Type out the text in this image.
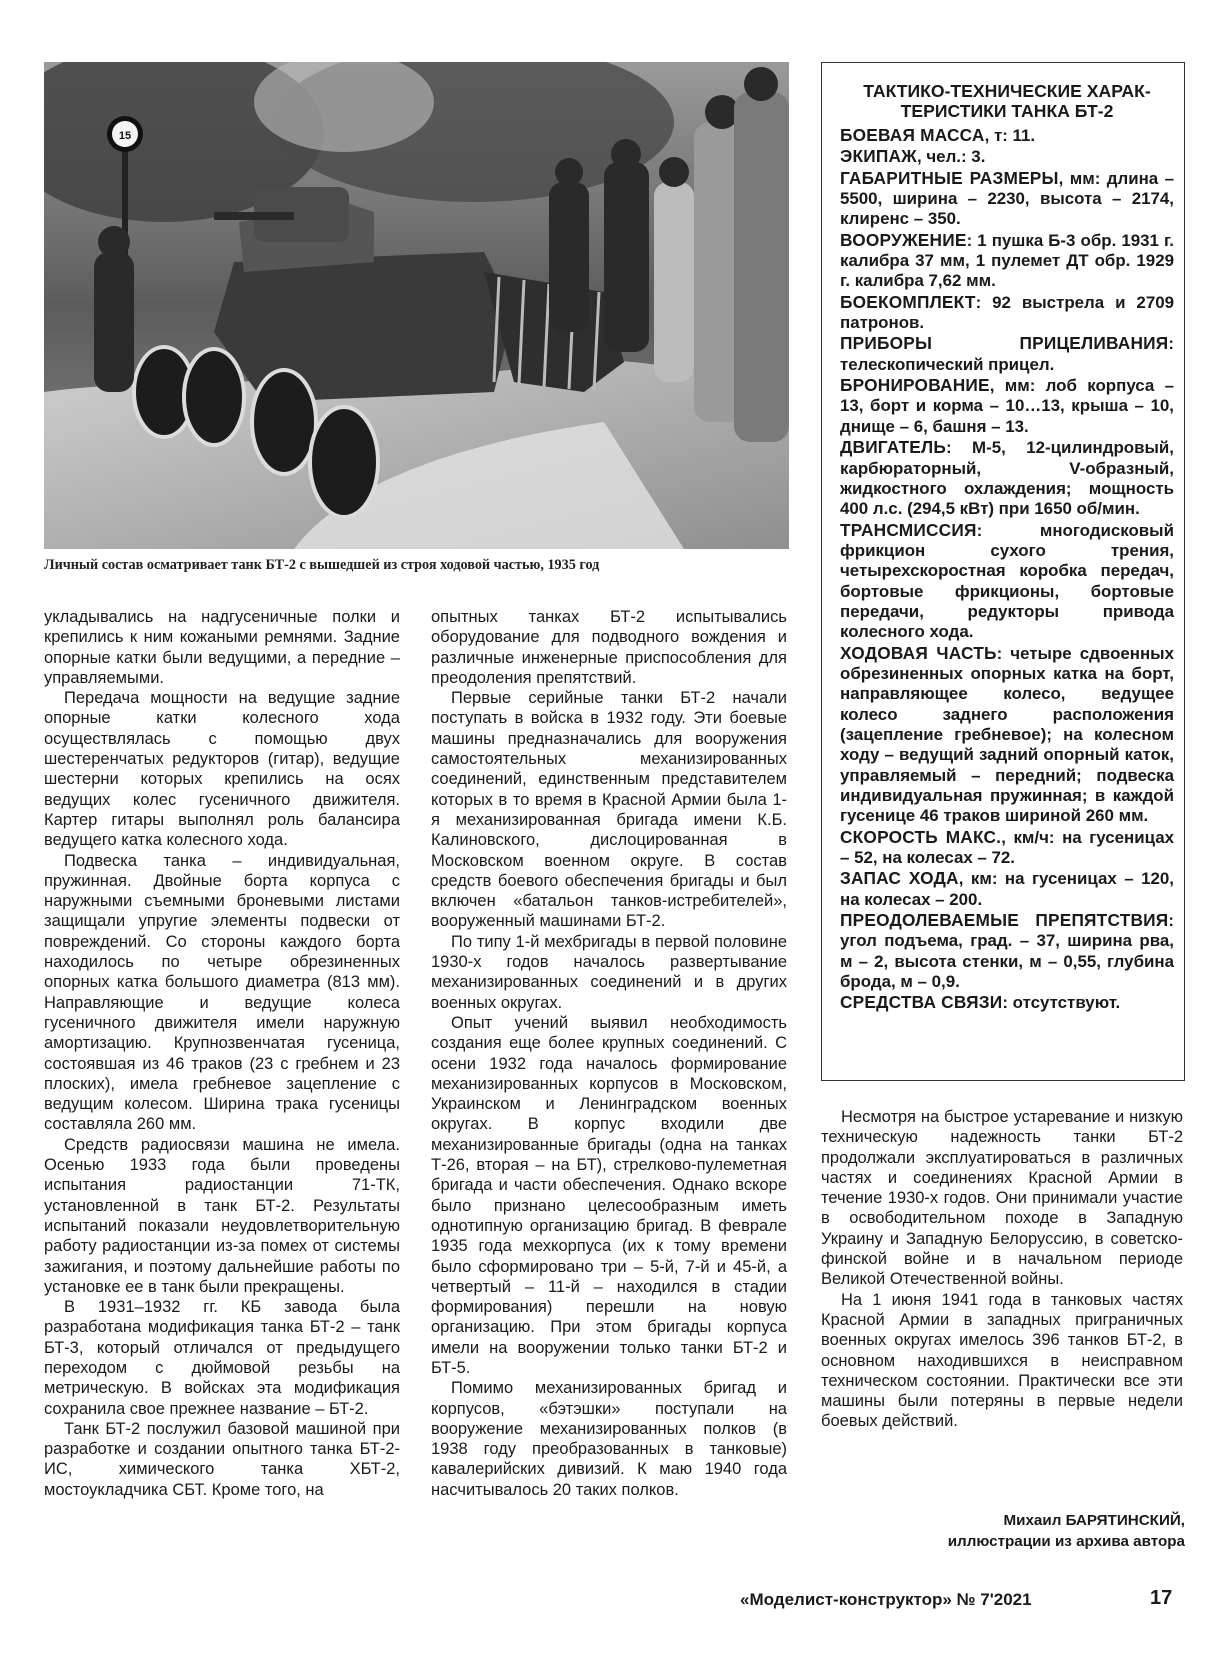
15
Личный состав осматривает танк БТ-2 с вышедшей из строя ходовой частью, 1935 год
ТАКТИКО-ТЕХНИЧЕСКИЕ ХАРАК-
ТЕРИСТИКИ ТАНКА БТ-2
БОЕВАЯ МАССА, т: 11.
ЭКИПАЖ, чел.: 3.
ГАБАРИТНЫЕ РАЗМЕРЫ, мм: длина – 5500, ширина – 2230, высота – 2174, клиренс – 350.
ВООРУЖЕНИЕ: 1 пушка Б-3 обр. 1931 г. калибра 37 мм, 1 пулемет ДТ обр. 1929 г. калибра 7,62 мм.
БОЕКОМПЛЕКТ: 92 выстрела и 2709 патронов.
ПРИБОРЫ ПРИЦЕЛИВАНИЯ: телескопический прицел.
БРОНИРОВАНИЕ, мм: лоб корпуса – 13, борт и корма – 10…13, крыша – 10, днище – 6, башня – 13.
ДВИГАТЕЛЬ: М-5, 12-цилиндровый, карбюраторный, V-образный, жидкостного охлаждения; мощность 400 л.с. (294,5 кВт) при 1650 об/мин.
ТРАНСМИССИЯ: многодисковый фрикцион сухого трения, четырехскоростная коробка передач, бортовые фрикционы, бортовые передачи, редукторы привода колесного хода.
ХОДОВАЯ ЧАСТЬ: четыре сдвоенных обрезиненных опорных катка на борт, направляющее колесо, ведущее колесо заднего расположения (зацепление гребневое); на колесном ходу – ведущий задний опорный каток, управляемый – передний; подвеска индивидуальная пружинная; в каждой гусенице 46 траков шириной 260 мм.
СКОРОСТЬ МАКС., км/ч: на гусеницах – 52, на колесах – 72.
ЗАПАС ХОДА, км: на гусеницах – 120, на колесах – 200.
ПРЕОДОЛЕВАЕМЫЕ ПРЕПЯТСТВИЯ: угол подъема, град. – 37, ширина рва, м – 2, высота стенки, м – 0,55, глубина брода, м – 0,9.
СРЕДСТВА СВЯЗИ: отсутствуют.

укладывались на надгусеничные полки и крепились к ним кожаными ремнями. Задние опорные катки были ведущими, а передние – управляемыми.

Передача мощности на ведущие задние опорные катки колесного хода осуществлялась с помощью двух шестеренчатых редукторов (гитар), ведущие шестерни которых крепились на осях ведущих колес гусеничного движителя. Картер гитары выполнял роль балансира ведущего катка колесного хода.

Подвеска танка – индивидуальная, пружинная. Двойные борта корпуса с наружными съемными броневыми листами защищали упругие элементы подвески от повреждений. Со стороны каждого борта находилось по четыре обрезиненных опорных катка большого диаметра (813 мм). Направляющие и ведущие колеса гусеничного движителя имели наружную амортизацию. Крупнозвенчатая гусеница, состоявшая из 46 траков (23 с гребнем и 23 плоских), имела гребневое зацепление с ведущим колесом. Ширина трака гусеницы составляла 260 мм.

Средств радиосвязи машина не имела. Осенью 1933 года были проведены испытания радиостанции 71-ТК, установленной в танк БТ-2. Результаты испытаний показали неудовлетворительную работу радиостанции из-за помех от системы зажигания, и поэтому дальнейшие работы по установке ее в танк были прекращены.

В 1931–1932 гг. КБ завода была разработана модификация танка БТ-2 – танк БТ-3, который отличался от предыдущего переходом с дюймовой резьбы на метрическую. В войсках эта модификация сохранила свое прежнее название – БТ-2.

Танк БТ-2 послужил базовой машиной при разработке и создании опытного танка БТ-2-ИС, химического танка ХБТ-2, мостоукладчика СБТ. Кроме того, на

опытных танках БТ-2 испытывались оборудование для подводного вождения и различные инженерные приспособления для преодоления препятствий.

Первые серийные танки БТ-2 начали поступать в войска в 1932 году. Эти боевые машины предназначались для вооружения самостоятельных механизированных соединений, единственным представителем которых в то время в Красной Армии была 1-я механизированная бригада имени К.Б. Калиновского, дислоцированная в Московском военном округе. В состав средств боевого обеспечения бригады и был включен «батальон танков-истребителей», вооруженный машинами БТ-2.

По типу 1-й мехбригады в первой половине 1930-х годов началось развертывание механизированных соединений и в других военных округах.

Опыт учений выявил необходимость создания еще более крупных соединений. С осени 1932 года началось формирование механизированных корпусов в Московском, Украинском и Ленинградском военных округах. В корпус входили две механизированные бригады (одна на танках Т-26, вторая – на БТ), стрелково-пулеметная бригада и части обеспечения. Однако вскоре было признано целесообразным иметь однотипную организацию бригад. В феврале 1935 года мехкорпуса (их к тому времени было сформировано три – 5-й, 7-й и 45-й, а четвертый – 11-й – находился в стадии формирования) перешли на новую организацию. При этом бригады корпуса имели на вооружении только танки БТ-2 и БТ-5.

Помимо механизированных бригад и корпусов, «бэтэшки» поступали на вооружение механизированных полков (в 1938 году преобразованных в танковые) кавалерийских дивизий. К маю 1940 года насчитывалось 20 таких полков.

Несмотря на быстрое устаревание и низкую техническую надежность танки БТ-2 продолжали эксплуатироваться в различных частях и соединениях Красной Армии в течение 1930-х годов. Они принимали участие в освободительном походе в Западную Украину и Западную Белоруссию, в советско-финской войне и в начальном периоде Великой Отечественной войны.

На 1 июня 1941 года в танковых частях Красной Армии в западных приграничных военных округах имелось 396 танков БТ-2, в основном находившихся в неисправном техническом состоянии. Практически все эти машины были потеряны в первые недели боевых действий.

Михаил БАРЯТИНСКИЙ,
иллюстрации из архива автора
«Моделист-конструктор» № 7'2021	17
